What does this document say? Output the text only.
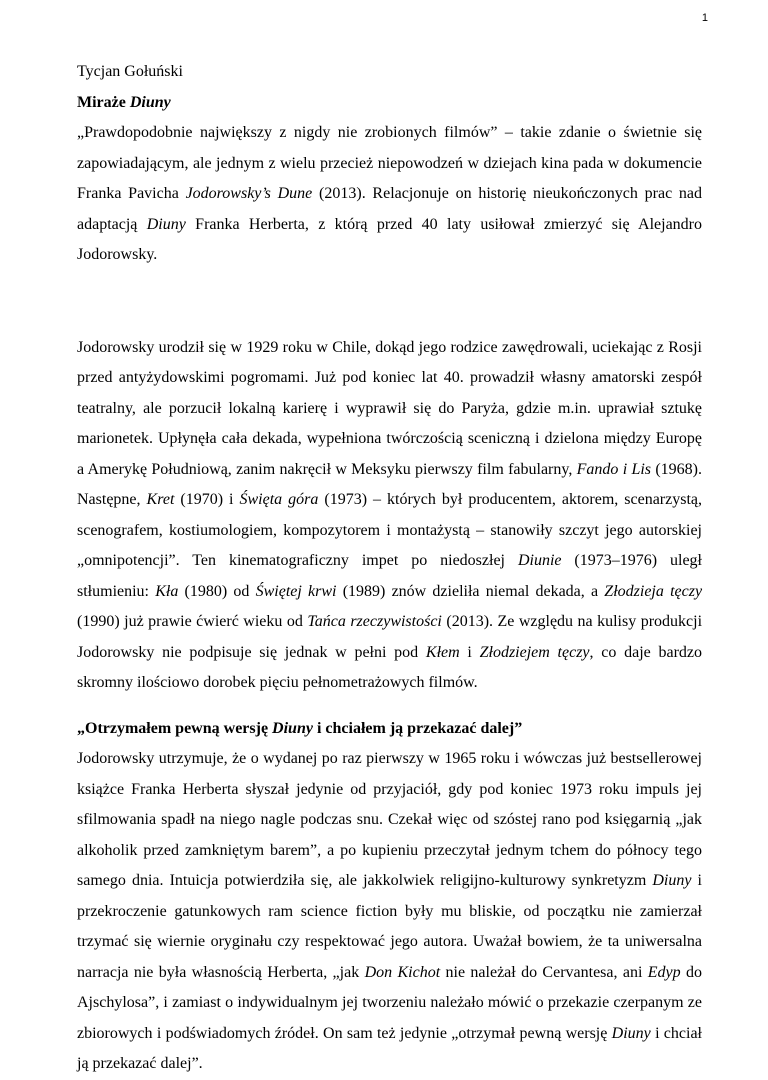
1

Tycjan Gołuński

Miraże Diuny

„Prawdopodobnie największy z nigdy nie zrobionych filmów” – takie zdanie o świetnie się zapowiadającym, ale jednym z wielu przecież niepowodzeń w dziejach kina pada w dokumencie Franka Pavicha Jodorowsky’s Dune (2013). Relacjonuje on historię nieukończonych prac nad adaptacją Diuny Franka Herberta, z którą przed 40 laty usiłował zmierzyć się Alejandro Jodorowsky.

Jodorowsky urodził się w 1929 roku w Chile, dokąd jego rodzice zawędrowali, uciekając z Rosji przed antyżydowskimi pogromami. Już pod koniec lat 40. prowadził własny amatorski zespół teatralny, ale porzucił lokalną karierę i wyprawił się do Paryża, gdzie m.in. uprawiał sztukę marionetek. Upłynęła cała dekada, wypełniona twórczością sceniczną i dzielona między Europę a Amerykę Południową, zanim nakręcił w Meksyku pierwszy film fabularny, Fando i Lis (1968). Następne, Kret (1970) i Święta góra (1973) – których był producentem, aktorem, scenarzystą, scenografem, kostiumologiem, kompozytorem i montażystą – stanowiły szczyt jego autorskiej „omnipotencji”. Ten kinematograficzny impet po niedoszłej Diunie (1973–1976) uległ stłumieniu: Kła (1980) od Świętej krwi (1989) znów dzieliła niemal dekada, a Złodzieja tęczy (1990) już prawie ćwierć wieku od Tańca rzeczywistości (2013). Ze względu na kulisy produkcji Jodorowsky nie podpisuje się jednak w pełni pod Kłem i Złodziejem tęczy, co daje bardzo skromny ilościowo dorobek pięciu pełnometrażowych filmów.

„Otrzymałem pewną wersję Diuny i chciałem ją przekazać dalej”

Jodorowsky utrzymuje, że o wydanej po raz pierwszy w 1965 roku i wówczas już bestsellerowej książce Franka Herberta słyszał jedynie od przyjaciół, gdy pod koniec 1973 roku impuls jej sfilmowania spadł na niego nagle podczas snu. Czekał więc od szóstej rano pod księgarnią „jak alkoholik przed zamkniętym barem”, a po kupieniu przeczytał jednym tchem do północy tego samego dnia. Intuicja potwierdziła się, ale jakkolwiek religijno-kulturowy synkretyzm Diuny i przekroczenie gatunkowych ram science fiction były mu bliskie, od początku nie zamierzał trzymać się wiernie oryginału czy respektować jego autora. Uważał bowiem, że ta uniwersalna narracja nie była własnością Herberta, „jak Don Kichot nie należał do Cervantesa, ani Edyp do Ajschylosa”, i zamiast o indywidualnym jej tworzeniu należało mówić o przekazie czerpanym ze zbiorowych i podświadomych źródeł. On sam też jedynie „otrzymał pewną wersję Diuny i chciał ją przekazać dalej”.
